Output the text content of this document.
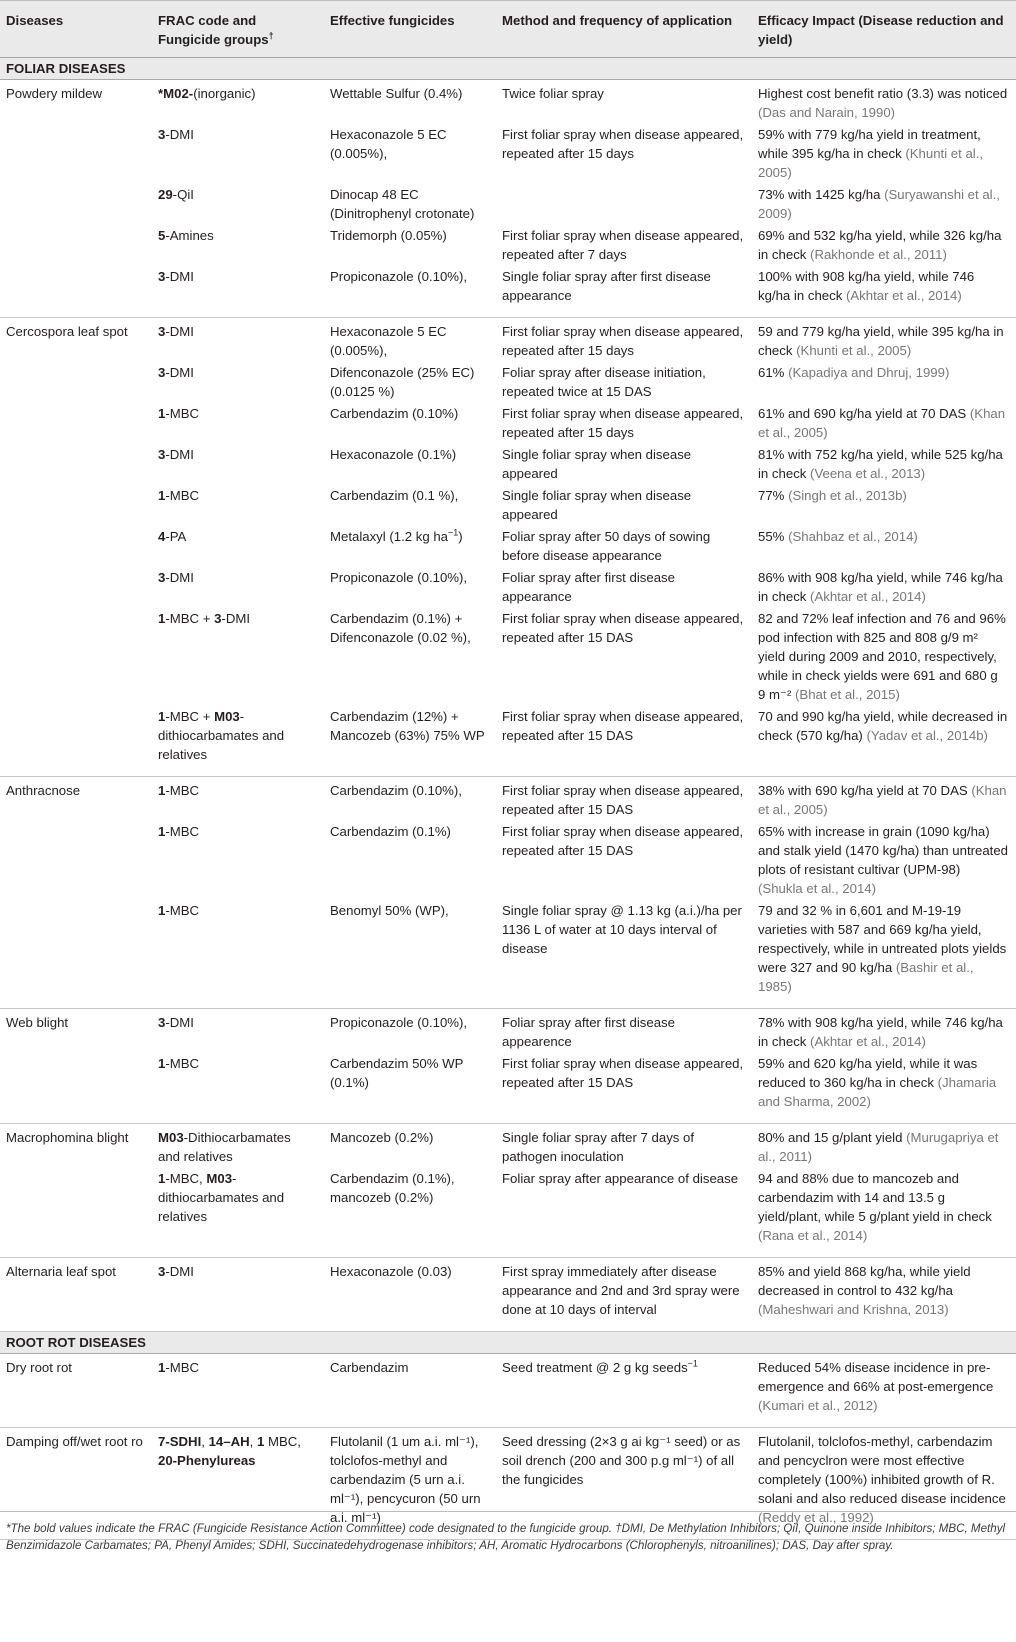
Diseases	FRAC code and Fungicide groups†	Effective fungicides	Method and frequency of application	Efficacy Impact (Disease reduction and yield)
FOLIAR DISEASES				
Powdery mildew	*M02-(inorganic)	Wettable Sulfur (0.4%)	Twice foliar spray	Highest cost benefit ratio (3.3) was noticed (Das and Narain, 1990)
	3-DMI	Hexaconazole 5 EC (0.005%),	First foliar spray when disease appeared, repeated after 15 days	59% with 779 kg/ha yield in treatment, while 395 kg/ha in check (Khunti et al., 2005)
	29-QiI	Dinocap 48 EC (Dinitrophenyl crotonate)		73% with 1425 kg/ha (Suryawanshi et al., 2009)
	5-Amines	Tridemorph (0.05%)	First foliar spray when disease appeared, repeated after 7 days	69% and 532 kg/ha yield, while 326 kg/ha in check (Rakhonde et al., 2011)
	3-DMI	Propiconazole (0.10%),	Single foliar spray after first disease appearance	100% with 908 kg/ha yield, while 746 kg/ha in check (Akhtar et al., 2014)
Cercospora leaf spot	3-DMI	Hexaconazole 5 EC (0.005%),	First foliar spray when disease appeared, repeated after 15 days	59 and 779 kg/ha yield, while 395 kg/ha in check (Khunti et al., 2005)
	3-DMI	Difenconazole (25% EC) (0.0125 %)	Foliar spray after disease initiation, repeated twice at 15 DAS	61% (Kapadiya and Dhruj, 1999)
	1-MBC	Carbendazim (0.10%)	First foliar spray when disease appeared, repeated after 15 days	61% and 690 kg/ha yield at 70 DAS (Khan et al., 2005)
	3-DMI	Hexaconazole (0.1%)	Single foliar spray when disease appeared	81% with 752 kg/ha yield, while 525 kg/ha in check (Veena et al., 2013)
	1-MBC	Carbendazim (0.1 %),	Single foliar spray when disease appeared	77% (Singh et al., 2013b)
	4-PA	Metalaxyl (1.2 kg $ha^{-1}$)	Foliar spray after 50 days of sowing before disease appearance	55% (Shahbaz et al., 2014)
	3-DMI	Propiconazole (0.10%),	Foliar spray after first disease appearance	86% with 908 kg/ha yield, while 746 kg/ha in check (Akhtar et al., 2014)
	1-MBC + 3-DMI	Carbendazim (0.1%) + Difenconazole (0.02 %),	First foliar spray when disease appeared, repeated after 15 DAS	82 and 72% leaf infection and 76 and 96% pod infection with 825 and 808 g/9 m² yield during 2009 and 2010, respectively, while in check yields were 691 and 680 g 9 m⁻² (Bhat et al., 2015)
	1-MBC + M03-dithiocarbamates and relatives	Carbendazim (12%) + Mancozeb (63%) 75% WP	First foliar spray when disease appeared, repeated after 15 DAS	70 and 990 kg/ha yield, while decreased in check (570 kg/ha) (Yadav et al., 2014b)
Anthracnose	1-MBC	Carbendazim (0.10%),	First foliar spray when disease appeared, repeated after 15 DAS	38% with 690 kg/ha yield at 70 DAS (Khan et al., 2005)
	1-MBC	Carbendazim (0.1%)	First foliar spray when disease appeared, repeated after 15 DAS	65% with increase in grain (1090 kg/ha) and stalk yield (1470 kg/ha) than untreated plots of resistant cultivar (UPM-98) (Shukla et al., 2014)
	1-MBC	Benomyl 50% (WP),	Single foliar spray @ 1.13 kg (a.i.)/ha per 1136 L of water at 10 days interval of disease	79 and 32 % in 6,601 and M-19-19 varieties with 587 and 669 kg/ha yield, respectively, while in untreated plots yields were 327 and 90 kg/ha (Bashir et al., 1985)
Web blight	3-DMI	Propiconazole (0.10%),	Foliar spray after first disease appearence	78% with 908 kg/ha yield, while 746 kg/ha in check (Akhtar et al., 2014)
	1-MBC	Carbendazim 50% WP (0.1%)	First foliar spray when disease appeared, repeated after 15 DAS	59% and 620 kg/ha yield, while it was reduced to 360 kg/ha in check (Jhamaria and Sharma, 2002)
Macrophomina blight	M03-Dithiocarbamates and relatives	Mancozeb (0.2%)	Single foliar spray after 7 days of pathogen inoculation	80% and 15 g/plant yield (Murugapriya et al., 2011)
	1-MBC, M03-dithiocarbamates and relatives	Carbendazim (0.1%), mancozeb (0.2%)	Foliar spray after appearance of disease	94 and 88% due to mancozeb and carbendazim with 14 and 13.5 g yield/plant, while 5 g/plant yield in check (Rana et al., 2014)
Alternaria leaf spot	3-DMI	Hexaconazole (0.03)	First spray immediately after disease appearance and 2nd and 3rd spray were done at 10 days of interval	85% and yield 868 kg/ha, while yield decreased in control to 432 kg/ha (Maheshwari and Krishna, 2013)
ROOT ROT DISEASES				
Dry root rot	1-MBC	Carbendazim	Seed treatment @ 2 g kg seeds$^{-1}$	Reduced 54% disease incidence in pre-emergence and 66% at post-emergence (Kumari et al., 2012)
Damping off/wet root ro	7-SDHI, 14–AH, 1 MBC, 20-Phenylureas	Flutolanil (1 um a.i. ml⁻¹), tolclofos-methyl and carbendazim (5 urn a.i. ml⁻¹), pencycuron (50 urn a.i. ml⁻¹)	Seed dressing (2×3 g ai kg⁻¹ seed) or as soil drench (200 and 300 p.g ml⁻¹) of all the fungicides	Flutolanil, tolclofos-methyl, carbendazim and pencyclron were most effective completely (100%) inhibited growth of R. solani and also reduced disease incidence (Reddy et al., 1992)
*The bold values indicate the FRAC (Fungicide Resistance Action Committee) code designated to the fungicide group. †DMI, De Methylation Inhibitors; QiI, Quinone inside Inhibitors; MBC, Methyl Benzimidazole Carbamates; PA, Phenyl Amides; SDHI, Succinatedehydrogenase inhibitors; AH, Aromatic Hydrocarbons (Chlorophenyls, nitroanilines); DAS, Day after spray.
